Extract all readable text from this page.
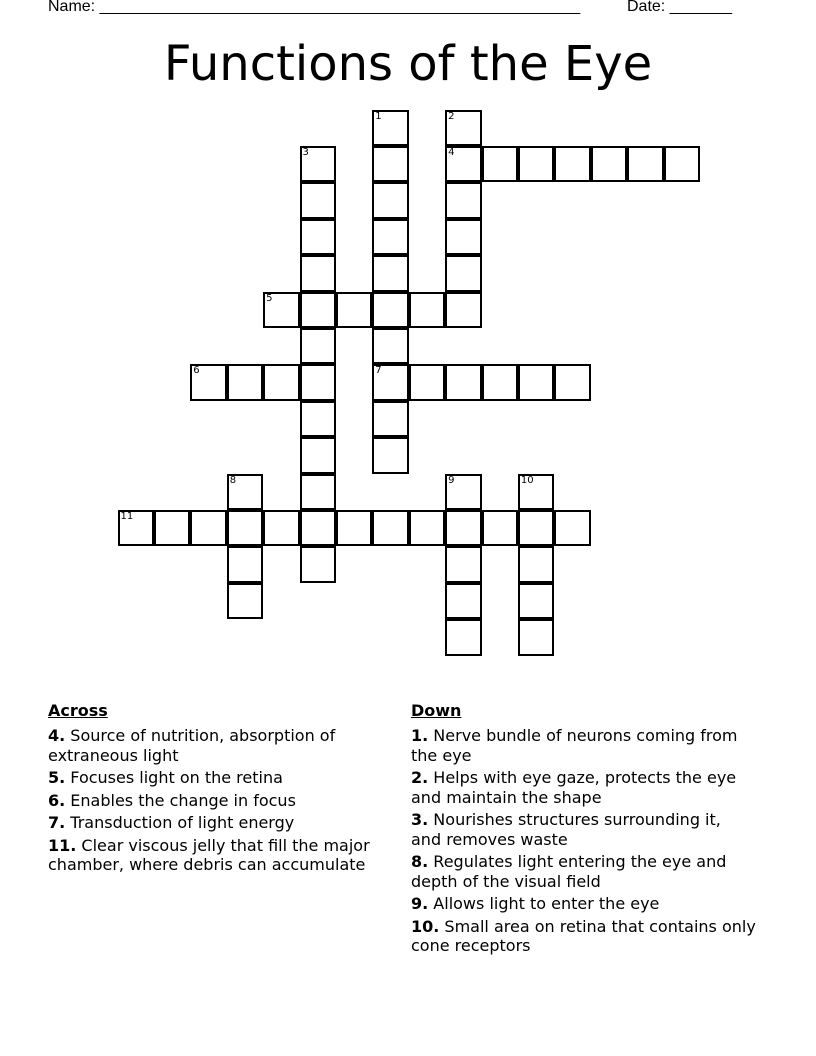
Name: ______________________________________________________	Date: _______
Functions of the Eye
1
7
2
4
3
5
6
8	9	10
11
Across
4. Source of nutrition, absorption of extraneous light
5. Focuses light on the retina
6. Enables the change in focus
7. Transduction of light energy
11. Clear viscous jelly that fill the major chamber, where debris can accumulate
Down
1. Nerve bundle of neurons coming from the eye
2. Helps with eye gaze, protects the eye and maintain the shape
3. Nourishes structures surrounding it, and removes waste
8. Regulates light entering the eye and depth of the visual field
9. Allows light to enter the eye
10. Small area on retina that contains only cone receptors
